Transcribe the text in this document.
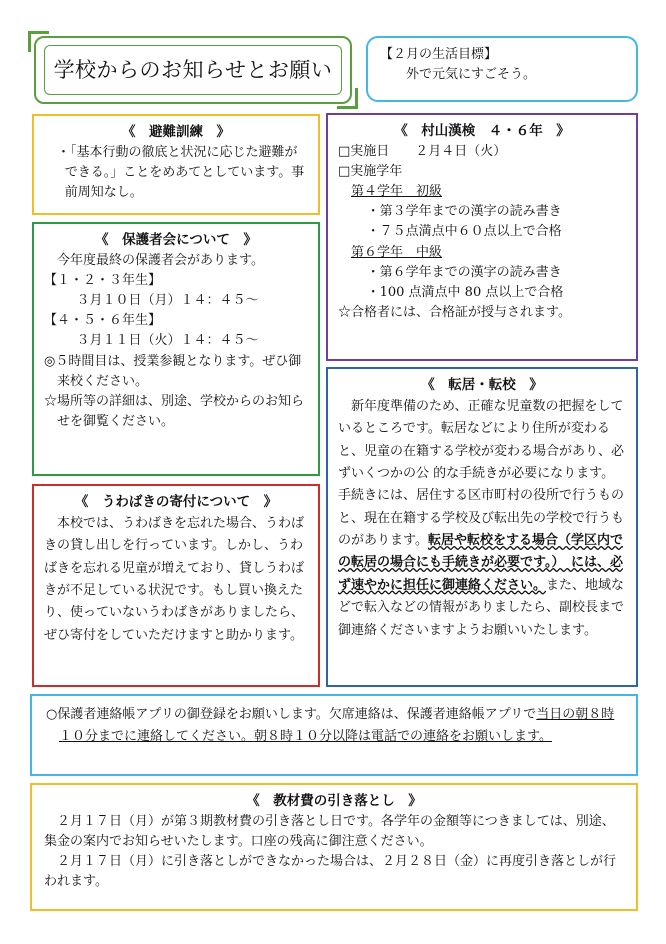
学校からのお知らせとお願い

【２月の生活目標】

外で元気にすごそう。

《　避難訓練　》

・「基本行動の徹底と状況に応じた避難ができる。」ことをめあてとしています。事前周知なし。

《　保護者会について　》

今年度最終の保護者会があります。

【１・２・３年生】

３月１０日（月）１４：４５～

【４・５・６年生】

３月１１日（火）１４：４５～

◎５時間目は、授業参観となります。ぜひ御来校ください。

☆場所等の詳細は、別途、学校からのお知らせを御覧ください。

《　うわばきの寄付について　》

本校では、うわばきを忘れた場合、うわばきの貸し出しを行っています。しかし、うわばきを忘れる児童が増えており、貸しうわばきが不足している状況です。もし買い換えたり、使っていないうわばきがありましたら、ぜひ寄付をしていただけますと助かります。

《　村山漢検　４・６年　》

□実施日　　２月４日（火）

□実施学年

第４学年　初級

・第３学年までの漢字の読み書き

・７５点満点中６０点以上で合格

第６学年　中級

・第６学年までの漢字の読み書き

・100 点満点中 80 点以上で合格

☆合格者には、合格証が授与されます。

《　転居・転校　》

新年度準備のため、正確な児童数の把握をしているところです。転居などにより住所が変わると、児童の在籍する学校が変わる場合があり、必ずいくつかの公 的な手続きが必要になります。手続きには、居住する区市町村の役所で行うものと、現在在籍する学校及び転出先の学校で行うものがあります。転居や転校をする場合（学区内での転居の場合にも手続きが必要です。）　には、必ず速やかに担任に御連絡ください。また、地域などで転入などの情報がありましたら、副校長まで御連絡くださいますようお願いいたします。

○保護者連絡帳アプリの御登録をお願いします。欠席連絡は、保護者連絡帳アプリで当日の朝８時１０分までに連絡してください。朝８時１０分以降は電話での連絡をお願いします。

《　教材費の引き落とし　》

２月１７日（月）が第３期教材費の引き落とし日です。各学年の金額等につきましては、別途、集金の案内でお知らせいたします。口座の残高に御注意ください。

２月１７日（月）に引き落としができなかった場合は、２月２８日（金）に再度引き落としが行われます。
